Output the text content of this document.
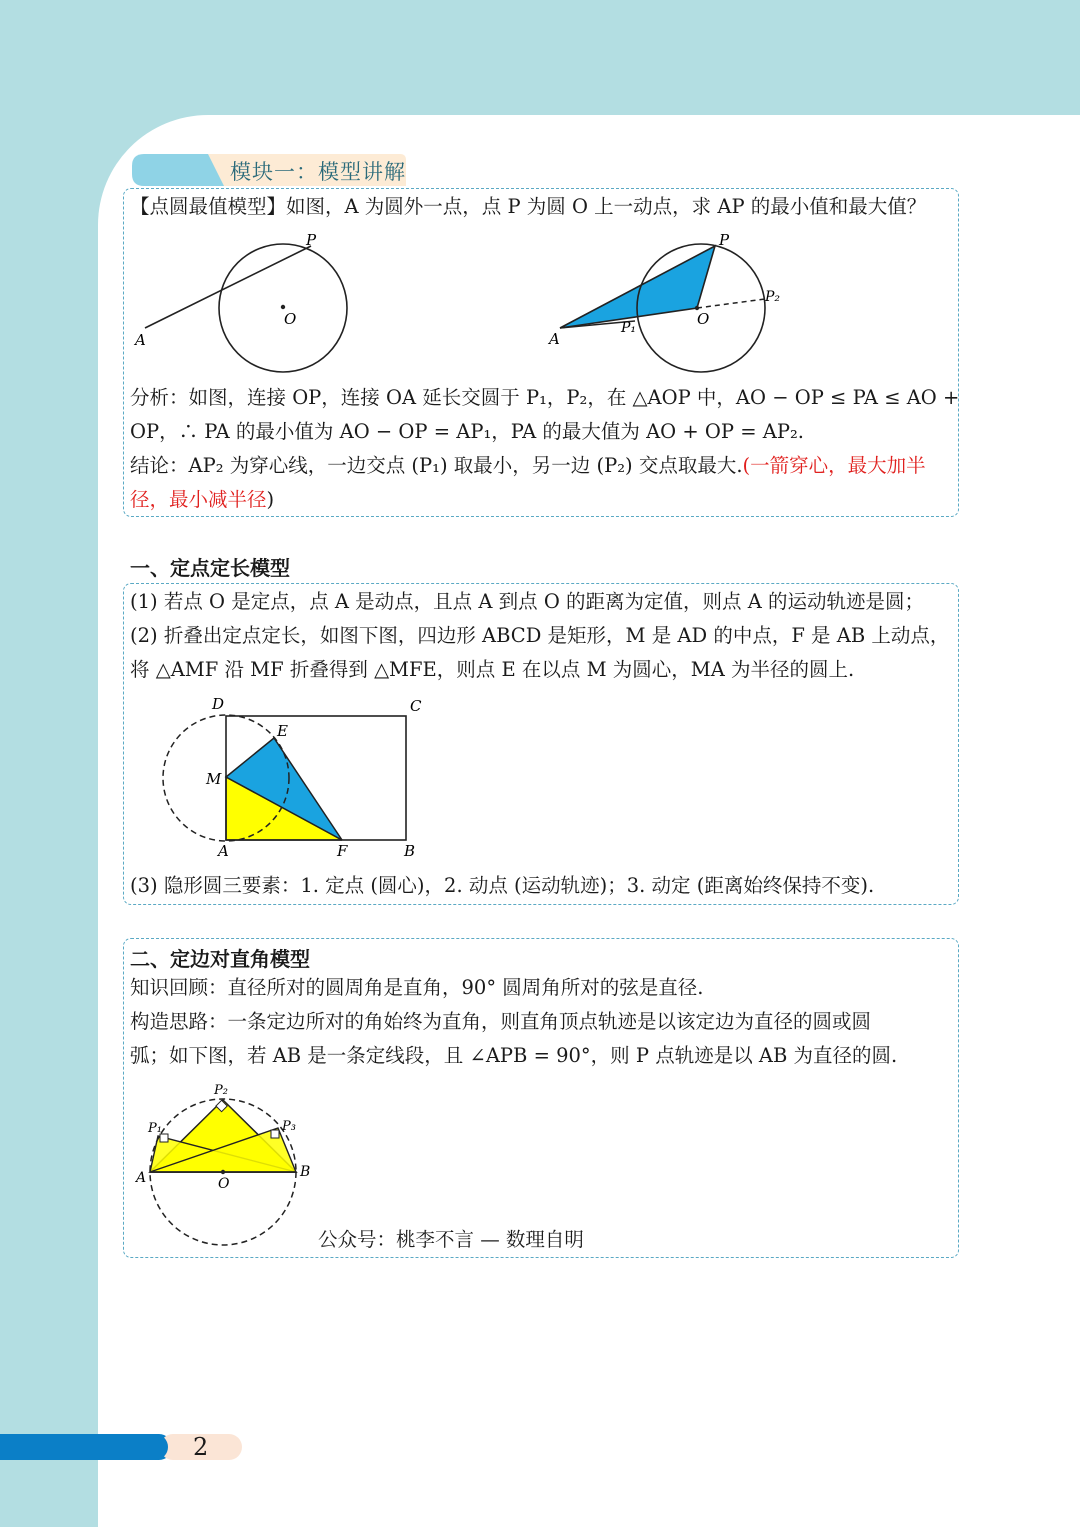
模块一：模型讲解
【点圆最值模型】如图，A 为圆外一点，点 P 为圆 O 上一动点，求 AP 的最小值和最大值？
P
O
A
P
O
A
P₁
P₂
分析：如图，连接 OP，连接 OA 延长交圆于 P₁，P₂，在 △AOP 中，AO − OP ≤ PA ≤ AO +
OP，∴ PA 的最小值为 AO − OP = AP₁，PA 的最大值为 AO + OP = AP₂.
结论：AP₂ 为穿心线，一边交点 (P₁) 取最小，另一边 (P₂) 交点取最大.(一箭穿心，最大加半
径，最小减半径)
一、定点定长模型
(1) 若点 O 是定点，点 A 是动点，且点 A 到点 O 的距离为定值，则点 A 的运动轨迹是圆；
(2) 折叠出定点定长，如图下图，四边形 ABCD 是矩形，M 是 AD 的中点，F 是 AB 上动点，
将 △AMF 沿 MF 折叠得到 △MFE，则点 E 在以点 M 为圆心，MA 为半径的圆上.
D	C
E
M
A	F	B
(3) 隐形圆三要素：1. 定点 (圆心)，2. 动点 (运动轨迹)；3. 动定 (距离始终保持不变).
二、定边对直角模型
知识回顾：直径所对的圆周角是直角，90° 圆周角所对的弦是直径.
构造思路：一条定边所对的角始终为直角，则直角顶点轨迹是以该定边为直径的圆或圆
弧；如下图，若 AB 是一条定线段，且 ∠APB = 90°，则 P 点轨迹是以 AB 为直径的圆.
P₂
P₁	P₃
A	O
B
公众号：桃李不言 — 数理自明
2
